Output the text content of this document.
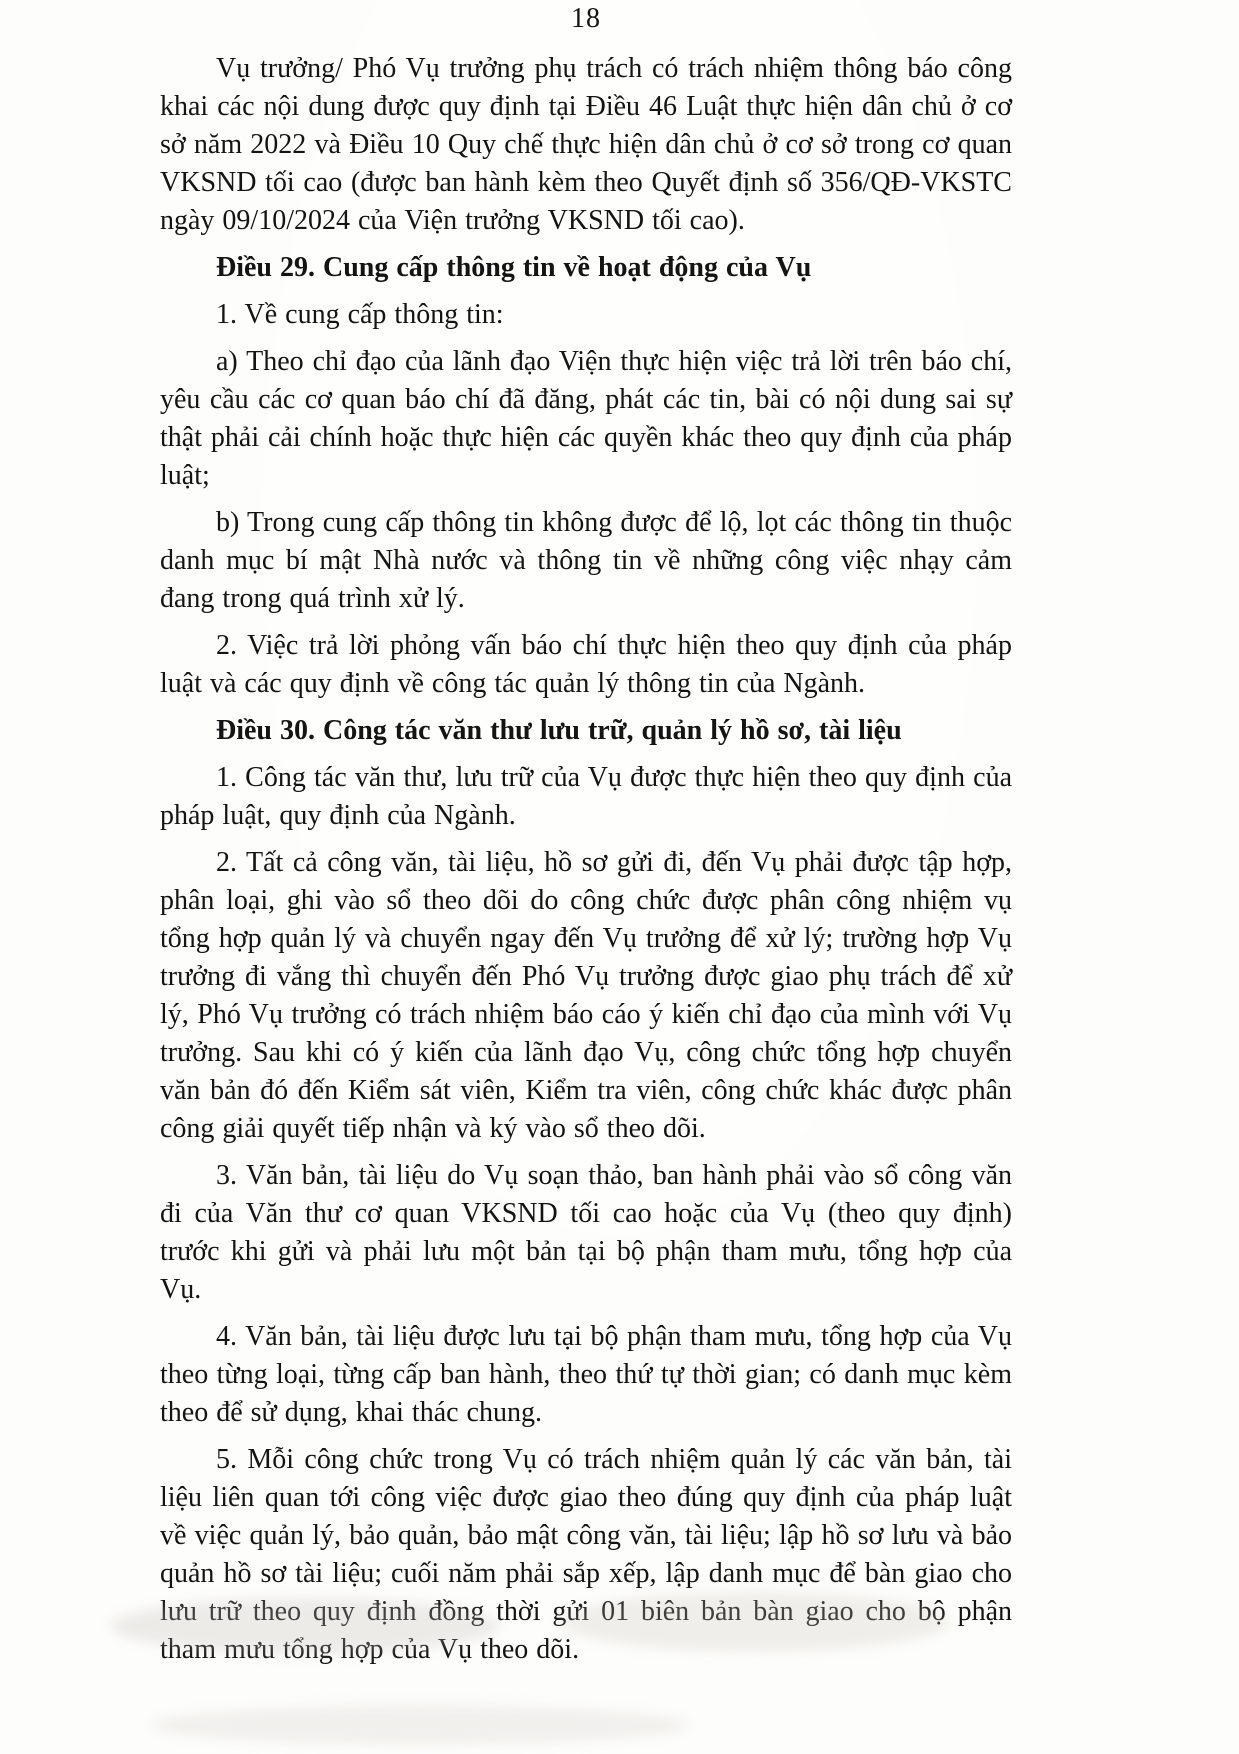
18

Vụ trưởng/ Phó Vụ trưởng phụ trách có trách nhiệm thông báo công khai các nội dung được quy định tại Điều 46 Luật thực hiện dân chủ ở cơ sở năm 2022 và Điều 10 Quy chế thực hiện dân chủ ở cơ sở trong cơ quan VKSND tối cao (được ban hành kèm theo Quyết định số 356/QĐ-VKSTC ngày 09/10/2024 của Viện trưởng VKSND tối cao).

Điều 29. Cung cấp thông tin về hoạt động của Vụ

1. Về cung cấp thông tin:

a) Theo chỉ đạo của lãnh đạo Viện thực hiện việc trả lời trên báo chí, yêu cầu các cơ quan báo chí đã đăng, phát các tin, bài có nội dung sai sự thật phải cải chính hoặc thực hiện các quyền khác theo quy định của pháp luật;

b) Trong cung cấp thông tin không được để lộ, lọt các thông tin thuộc danh mục bí mật Nhà nước và thông tin về những công việc nhạy cảm đang trong quá trình xử lý.

2. Việc trả lời phỏng vấn báo chí thực hiện theo quy định của pháp luật và các quy định về công tác quản lý thông tin của Ngành.

Điều 30. Công tác văn thư lưu trữ, quản lý hồ sơ, tài liệu

1. Công tác văn thư, lưu trữ của Vụ được thực hiện theo quy định của pháp luật, quy định của Ngành.

2. Tất cả công văn, tài liệu, hồ sơ gửi đi, đến Vụ phải được tập hợp, phân loại, ghi vào sổ theo dõi do công chức được phân công nhiệm vụ tổng hợp quản lý và chuyển ngay đến Vụ trưởng để xử lý; trường hợp Vụ trưởng đi vắng thì chuyển đến Phó Vụ trưởng được giao phụ trách để xử lý, Phó Vụ trưởng có trách nhiệm báo cáo ý kiến chỉ đạo của mình với Vụ trưởng. Sau khi có ý kiến của lãnh đạo Vụ, công chức tổng hợp chuyển văn bản đó đến Kiểm sát viên, Kiểm tra viên, công chức khác được phân công giải quyết tiếp nhận và ký vào sổ theo dõi.

3. Văn bản, tài liệu do Vụ soạn thảo, ban hành phải vào sổ công văn đi của Văn thư cơ quan VKSND tối cao hoặc của Vụ (theo quy định) trước khi gửi và phải lưu một bản tại bộ phận tham mưu, tổng hợp của Vụ.

4. Văn bản, tài liệu được lưu tại bộ phận tham mưu, tổng hợp của Vụ theo từng loại, từng cấp ban hành, theo thứ tự thời gian; có danh mục kèm theo để sử dụng, khai thác chung.

5. Mỗi công chức trong Vụ có trách nhiệm quản lý các văn bản, tài liệu liên quan tới công việc được giao theo đúng quy định của pháp luật về việc quản lý, bảo quản, bảo mật công văn, tài liệu; lập hồ sơ lưu và bảo quản hồ sơ tài liệu; cuối năm phải sắp xếp, lập danh mục để bàn giao cho lưu trữ theo quy định đồng thời gửi 01 biên bản bàn giao cho bộ phận tham mưu tổng hợp của Vụ theo dõi.
